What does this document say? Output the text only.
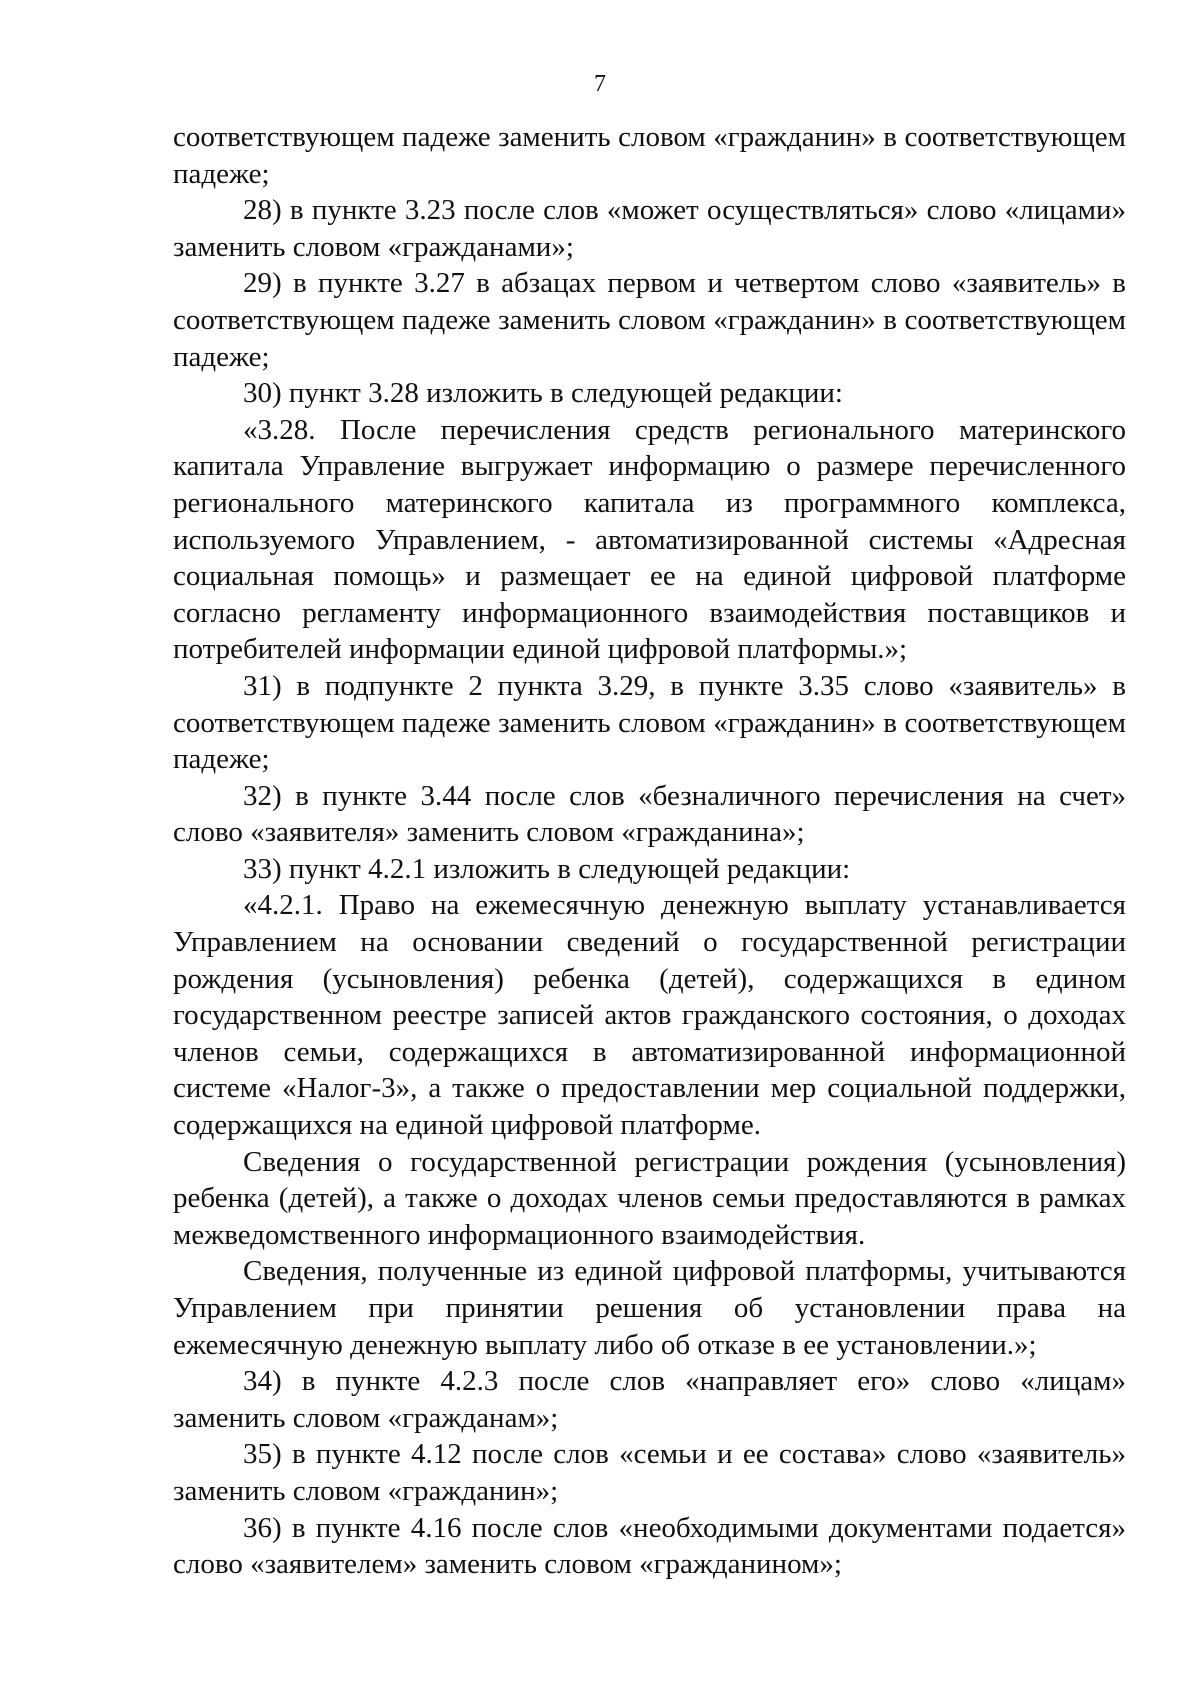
7

соответствующем падеже заменить словом «гражданин» в соответствующем падеже;

28) в пункте 3.23 после слов «может осуществляться» слово «лицами» заменить словом «гражданами»;

29) в пункте 3.27 в абзацах первом и четвертом слово «заявитель» в соответствующем падеже заменить словом «гражданин» в соответствующем падеже;

30) пункт 3.28 изложить в следующей редакции:

«3.28. После перечисления средств регионального материнского капитала Управление выгружает информацию о размере перечисленного регионального материнского капитала из программного комплекса, используемого Управлением, - автоматизированной системы «Адресная социальная помощь» и размещает ее на единой цифровой платформе согласно регламенту информационного взаимодействия поставщиков и потребителей информации единой цифровой платформы.»;

31) в подпункте 2 пункта 3.29, в пункте 3.35 слово «заявитель» в соответствующем падеже заменить словом «гражданин» в соответствующем падеже;

32) в пункте 3.44 после слов «безналичного перечисления на счет» слово «заявителя» заменить словом «гражданина»;

33) пункт 4.2.1 изложить в следующей редакции:

«4.2.1. Право на ежемесячную денежную выплату устанавливается Управлением на основании сведений о государственной регистрации рождения (усыновления) ребенка (детей), содержащихся в едином государственном реестре записей актов гражданского состояния, о доходах членов семьи, содержащихся в автоматизированной информационной системе «Налог-3», а также о предоставлении мер социальной поддержки, содержащихся на единой цифровой платформе.

Сведения о государственной регистрации рождения (усыновления) ребенка (детей), а также о доходах членов семьи предоставляются в рамках межведомственного информационного взаимодействия.

Сведения, полученные из единой цифровой платформы, учитываются Управлением при принятии решения об установлении права на ежемесячную денежную выплату либо об отказе в ее установлении.»;

34) в пункте 4.2.3 после слов «направляет его» слово «лицам» заменить словом «гражданам»;

35) в пункте 4.12 после слов «семьи и ее состава» слово «заявитель» заменить словом «гражданин»;

36) в пункте 4.16 после слов «необходимыми документами подается» слово «заявителем» заменить словом «гражданином»;
